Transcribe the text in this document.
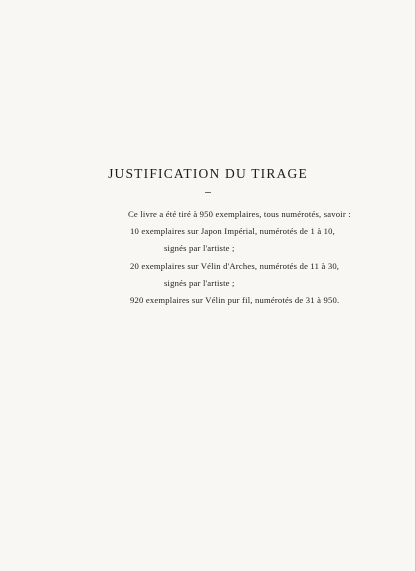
JUSTIFICATION DU TIRAGE
Ce livre a été tiré à 950 exemplaires, tous numérotés, savoir :
10 exemplaires sur Japon Impérial, numérotés de 1 à 10,
signés par l'artiste ;
20 exemplaires sur Vélin d'Arches, numérotés de 11 à 30,
signés par l'artiste ;
920 exemplaires sur Vélin pur fil, numérotés de 31 à 950.
